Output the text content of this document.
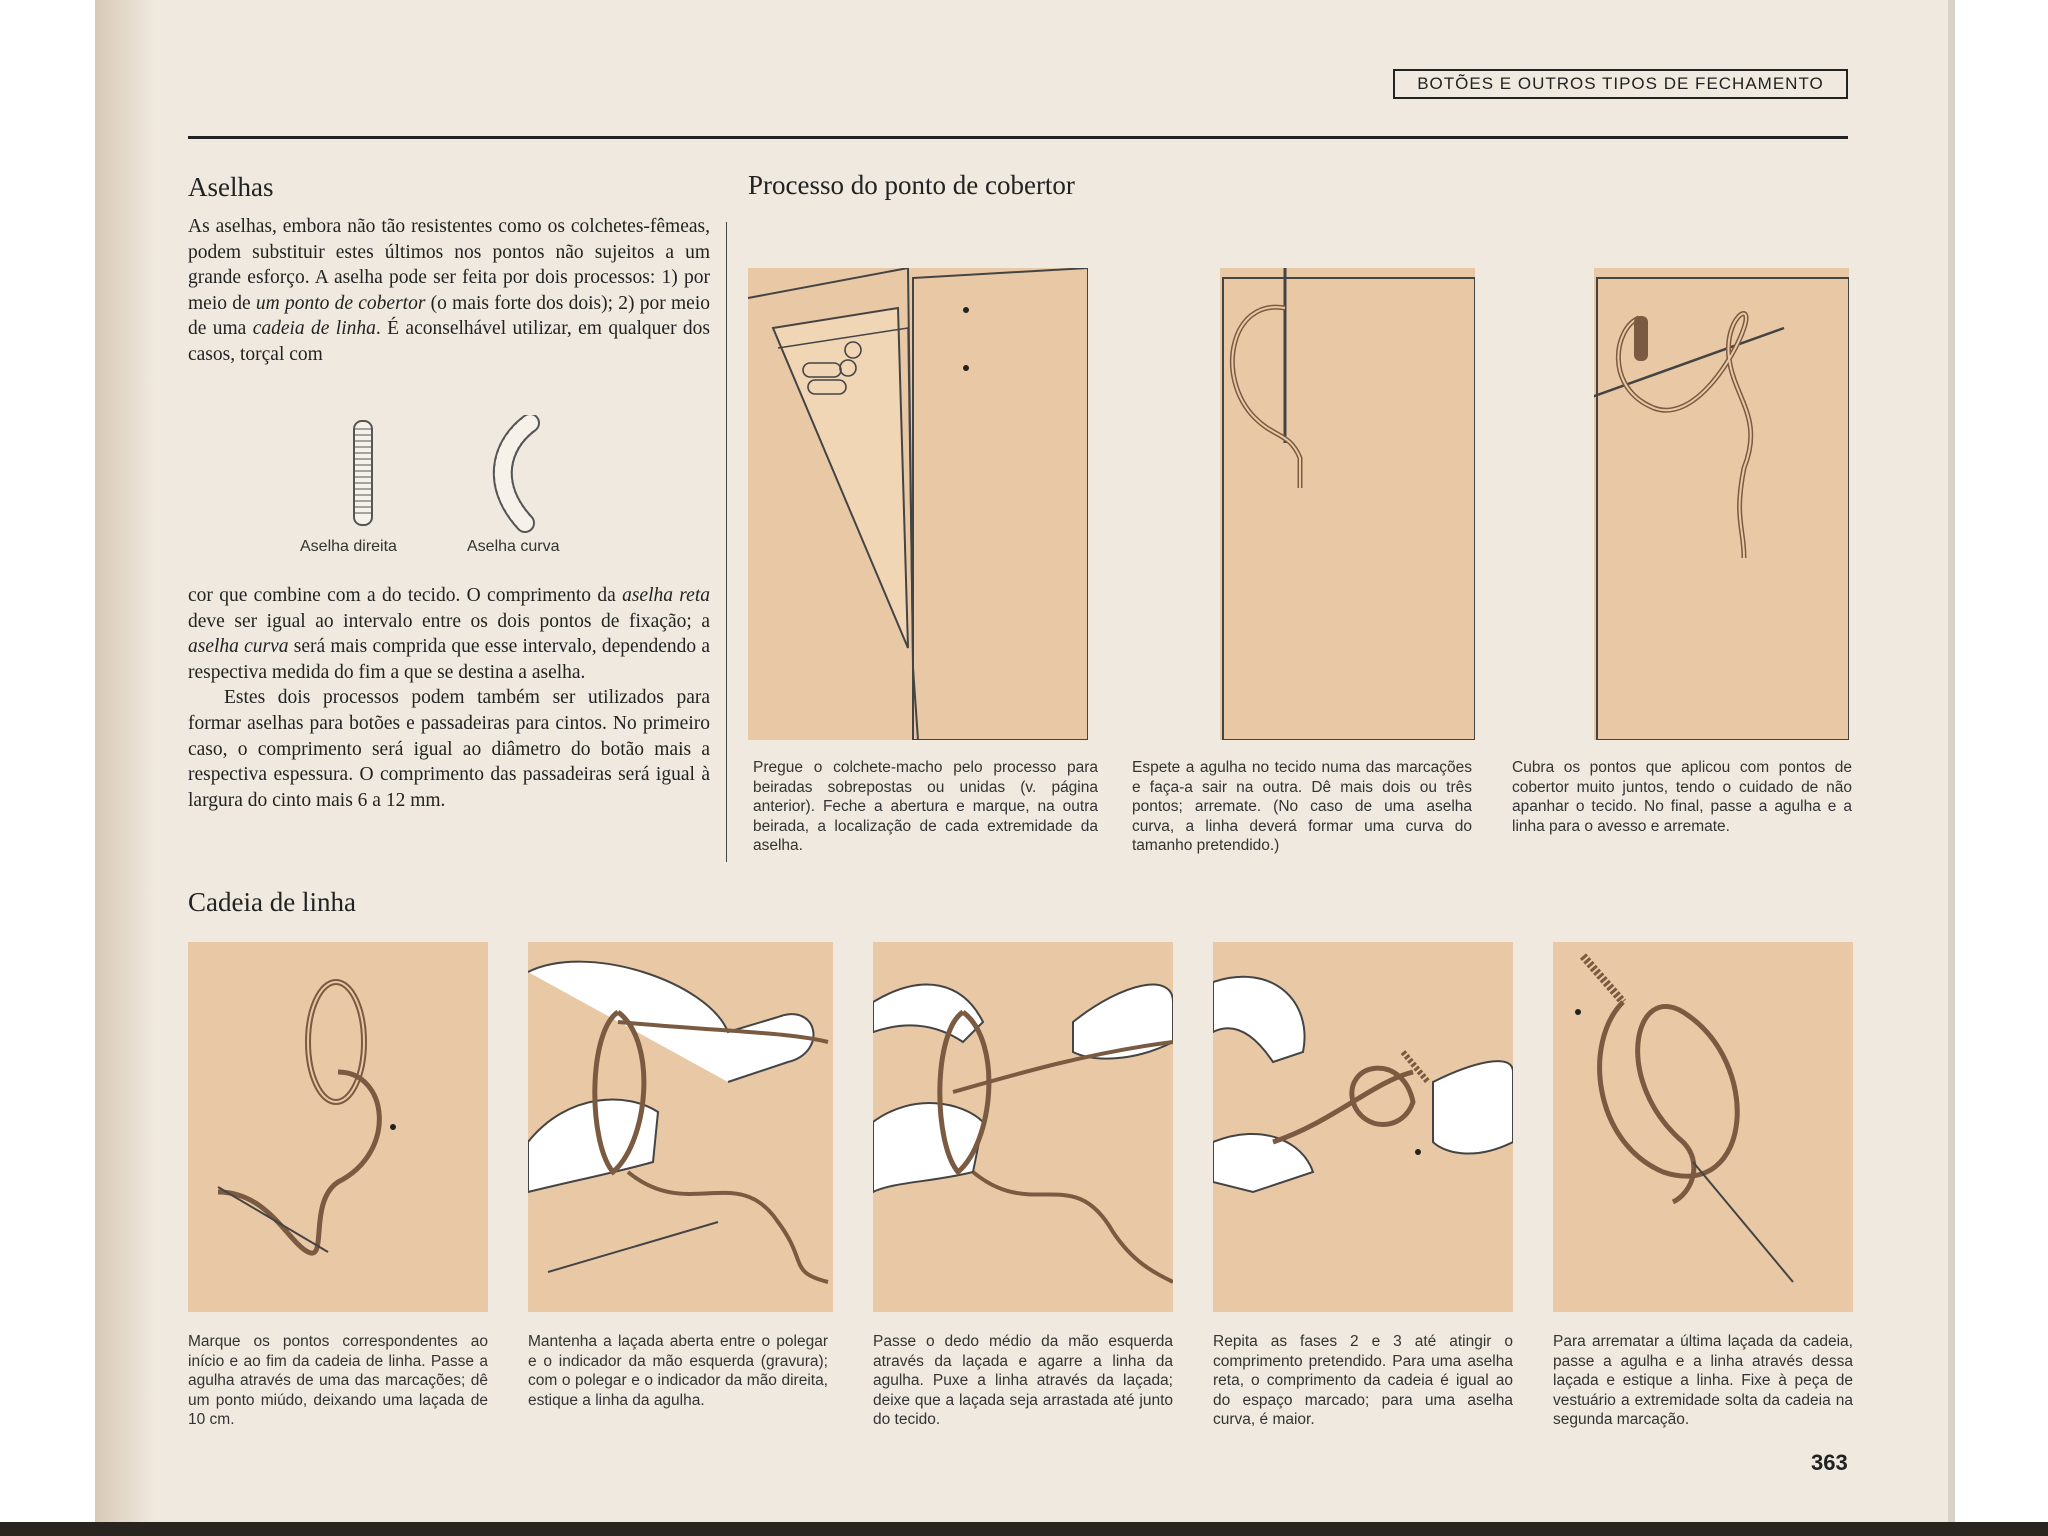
BOTÕES E OUTROS TIPOS DE FECHAMENTO
Aselhas

As aselhas, embora não tão resistentes como os colchetes-fêmeas, podem substituir estes últimos nos pontos não sujeitos a um grande esforço. A aselha pode ser feita por dois processos: 1) por meio de um ponto de cobertor (o mais forte dos dois); 2) por meio de uma cadeia de linha. É aconselhável utilizar, em qualquer dos casos, torçal com

Aselha direita	Aselha curva

cor que combine com a do tecido. O comprimento da aselha reta deve ser igual ao intervalo entre os dois pontos de fixação; a aselha curva será mais comprida que esse intervalo, dependendo a respectiva medida do fim a que se destina a aselha.

Estes dois processos podem também ser utilizados para formar aselhas para botões e passadeiras para cintos. No primeiro caso, o comprimento será igual ao diâmetro do botão mais a respectiva espessura. O comprimento das passadeiras será igual à largura do cinto mais 6 a 12 mm.

Processo do ponto de cobertor
Pregue o colchete-macho pelo processo para beiradas sobrepostas ou unidas (v. página anterior). Feche a abertura e marque, na outra beirada, a localização de cada extremidade da aselha.
Espete a agulha no tecido numa das marcações e faça-a sair na outra. Dê mais dois ou três pontos; arremate. (No caso de uma aselha curva, a linha deverá formar uma curva do tamanho pretendido.)
Cubra os pontos que aplicou com pontos de cobertor muito juntos, tendo o cuidado de não apanhar o tecido. No final, passe a agulha e a linha para o avesso e arremate.
Cadeia de linha
Marque os pontos correspondentes ao início e ao fim da cadeia de linha. Passe a agulha através de uma das marcações; dê um ponto miúdo, deixando uma laçada de 10 cm.
Mantenha a laçada aberta entre o polegar e o indicador da mão esquerda (gravura); com o polegar e o indicador da mão direita, estique a linha da agulha.
Passe o dedo médio da mão esquerda através da laçada e agarre a linha da agulha. Puxe a linha através da laçada; deixe que a laçada seja arrastada até junto do tecido.
Repita as fases 2 e 3 até atingir o comprimento pretendido. Para uma aselha reta, o comprimento da cadeia é igual ao do espaço marcado; para uma aselha curva, é maior.
Para arrematar a última laçada da cadeia, passe a agulha e a linha através dessa laçada e estique a linha. Fixe à peça de vestuário a extremidade solta da cadeia na segunda marcação.
363
